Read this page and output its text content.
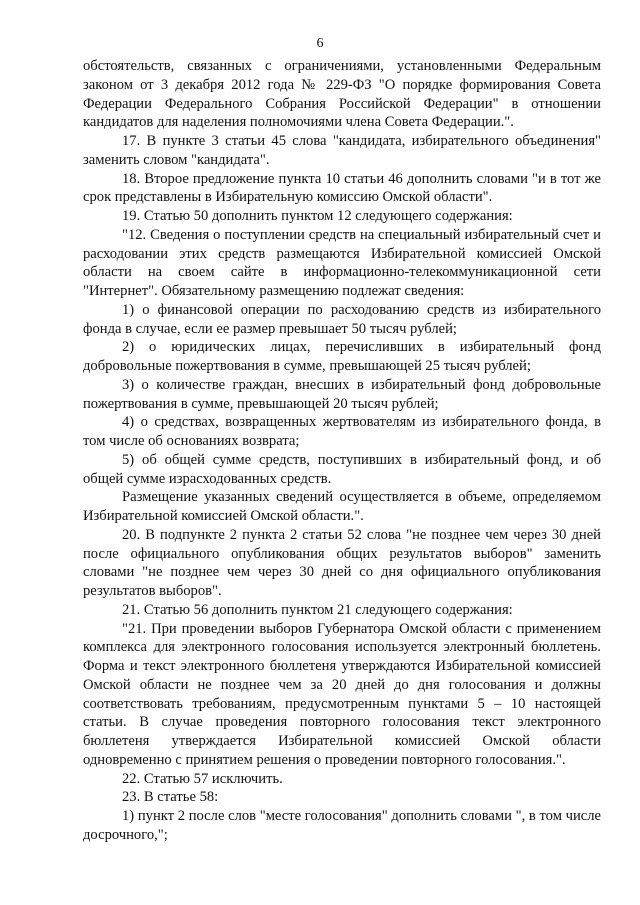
6

обстоятельств, связанных с ограничениями, установленными Федеральным законом от 3 декабря 2012 года № 229-ФЗ "О порядке формирования Совета Федерации Федерального Собрания Российской Федерации" в отношении кандидатов для наделения полномочиями члена Совета Федерации.".

17. В пункте 3 статьи 45 слова "кандидата, избирательного объединения" заменить словом "кандидата".

18. Второе предложение пункта 10 статьи 46 дополнить словами "и в тот же срок представлены в Избирательную комиссию Омской области".

19. Статью 50 дополнить пунктом 12 следующего содержания:

"12. Сведения о поступлении средств на специальный избирательный счет и расходовании этих средств размещаются Избирательной комиссией Омской области на своем сайте в информационно-телекоммуникационной сети "Интернет". Обязательному размещению подлежат сведения:

1) о финансовой операции по расходованию средств из избирательного фонда в случае, если ее размер превышает 50 тысяч рублей;

2) о юридических лицах, перечисливших в избирательный фонд добровольные пожертвования в сумме, превышающей 25 тысяч рублей;

3) о количестве граждан, внесших в избирательный фонд добровольные пожертвования в сумме, превышающей 20 тысяч рублей;

4) о средствах, возвращенных жертвователям из избирательного фонда, в том числе об основаниях возврата;

5) об общей сумме средств, поступивших в избирательный фонд, и об общей сумме израсходованных средств.

Размещение указанных сведений осуществляется в объеме, определяемом Избирательной комиссией Омской области.".

20. В подпункте 2 пункта 2 статьи 52 слова "не позднее чем через 30 дней после официального опубликования общих результатов выборов" заменить словами "не позднее чем через 30 дней со дня официального опубликования результатов выборов".

21. Статью 56 дополнить пунктом 21 следующего содержания:

"21. При проведении выборов Губернатора Омской области с применением комплекса для электронного голосования используется электронный бюллетень. Форма и текст электронного бюллетеня утверждаются Избирательной комиссией Омской области не позднее чем за 20 дней до дня голосования и должны соответствовать требованиям, предусмотренным пунктами 5 – 10 настоящей статьи. В случае проведения повторного голосования текст электронного бюллетеня утверждается Избирательной комиссией Омской области одновременно с принятием решения о проведении повторного голосования.".

22. Статью 57 исключить.

23. В статье 58:

1) пункт 2 после слов "месте голосования" дополнить словами ", в том числе досрочного,";
